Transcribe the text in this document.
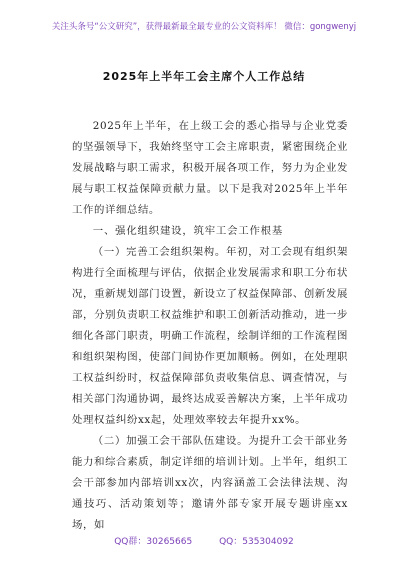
关注头条号“公文研究”，获得最新最全最专业的公文资料库！ 微信：gongwenyj
2025年上半年工会主席个人工作总结

2025年上半年，在上级工会的悉心指导与企业党委的坚强领导下，我始终坚守工会主席职责，紧密围绕企业发展战略与职工需求，积极开展各项工作，努力为企业发展与职工权益保障贡献力量。以下是我对2025年上半年工作的详细总结。

一、强化组织建设，筑牢工会工作根基

（一）完善工会组织架构。年初，对工会现有组织架构进行全面梳理与评估，依据企业发展需求和职工分布状况，重新规划部门设置，新设立了权益保障部、创新发展部，分别负责职工权益维护和职工创新活动推动，进一步细化各部门职责，明确工作流程，绘制详细的工作流程图和组织架构图，使部门间协作更加顺畅。例如，在处理职工权益纠纷时，权益保障部负责收集信息、调查情况，与相关部门沟通协调，最终达成妥善解决方案，上半年成功处理权益纠纷xx起，处理效率较去年提升xx%。

（二）加强工会干部队伍建设。为提升工会干部业务能力和综合素质，制定详细的培训计划。上半年，组织工会干部参加内部培训xx次，内容涵盖工会法律法规、沟通技巧、活动策划等；邀请外部专家开展专题讲座xx场，如

QQ群：30265665	QQ：535304092
